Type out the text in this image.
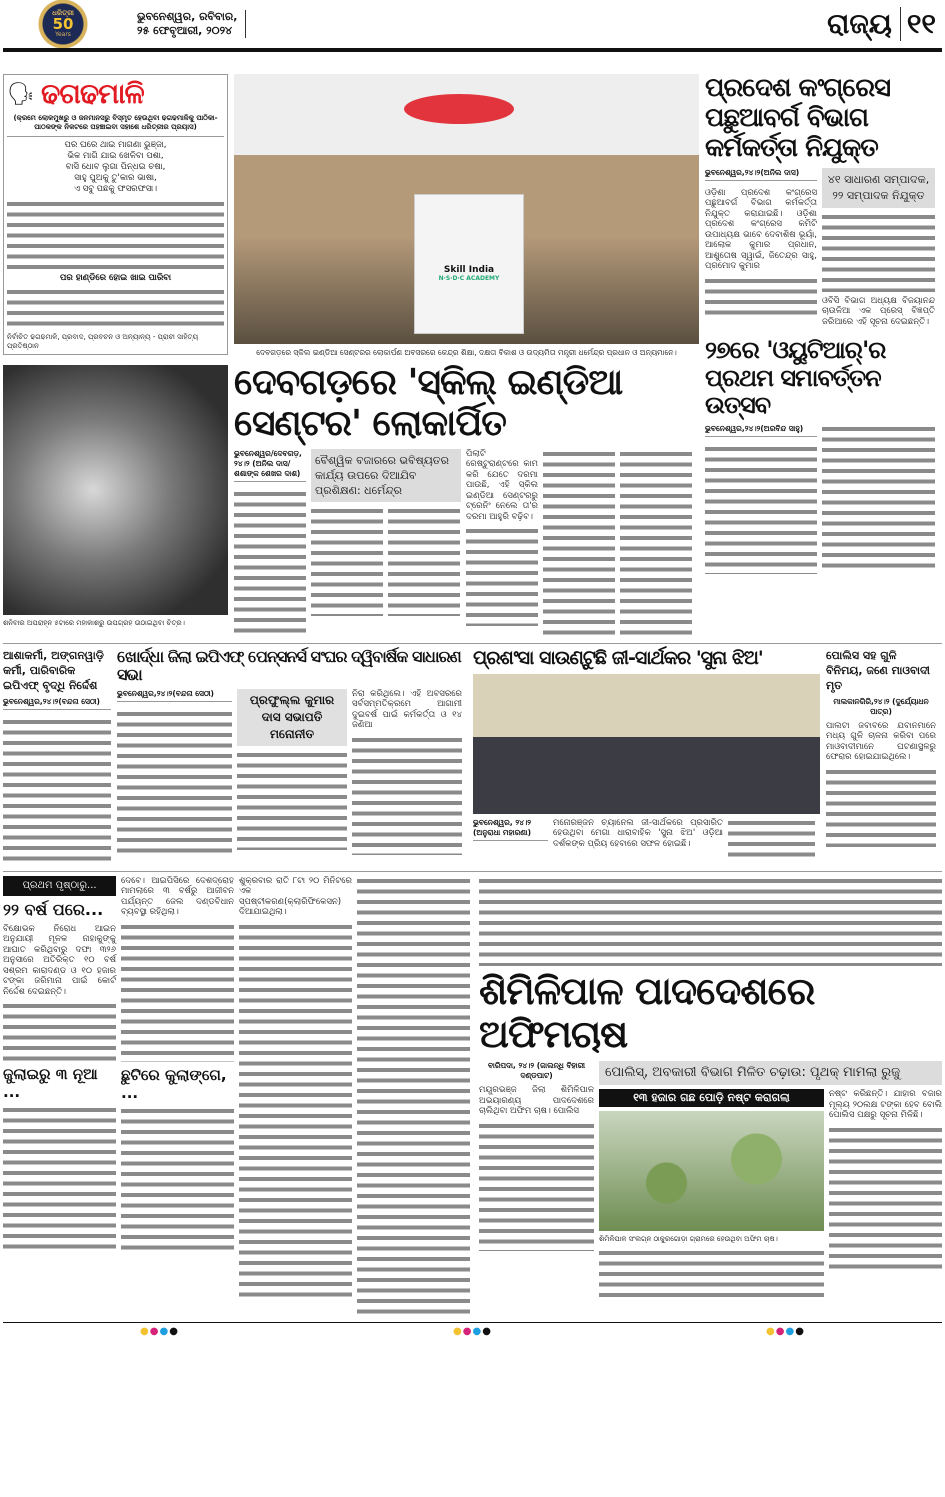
ଧରିତ୍ରୀ
50
Years
ଭୁବନେଶ୍ୱର, ରବିବାର,
୨୫ ଫେବୃଆରୀ, ୨୦୨୪	ରାଜ୍ୟ ୧୧
🗣 ଢଗଢମାଳି
(କ୍ରମେ ଲୋକମୁଖରୁ ଓ ଜନମାନସରୁ ବିସ୍ମୃତ ହେଉଥିବା ଢଗଢମାଳିକୁ ପାଠିକା-ପାଠକଙ୍କ ନିକଟରେ ପହଞ୍ଚାଇବା ସହାଶେ ଧରିତ୍ରୀର ପ୍ରୟାସ)
ପର ଘରେ ଥାଇ ମାଗଣା ଭୁଞ୍ଜା,
ଭିକ ମାଗି ଯାଇ ଖେଳିବା ପଶା,
ବାସି ଧୋବ ଲୁଗା ପିନ୍ଧଇ ଚଷା,
ସାହୁ ପୁଅକୁ ତୁ'କାର ଭାଷା,
ଏ ସବୁ ପଛକୁ ଫସରଫସା।
ପର ହାଣ୍ଡିରେ ହୋଇ ଖାଇ ପାରିବା
ନିର୍ବାଚିତ ଢଗଢମାଳି, ପ୍ରବାଦ, ପ୍ରବଚନ ଓ ଅନ୍ୟାନ୍ୟ - ପ୍ରାଚୀ ସାହିତ୍ୟ ପ୍ରତିଷ୍ଠାନ
ଶନିବାର ଅପରାହ୍ନ ୫ଟାରେ ମହାକାଶରୁ ଉପଗ୍ରହ ଉଠାଇଥିବା ଚିତ୍ର।
Skill India
N·S·D·C ACADEMY
ଦେବଗଡ଼ରେ ସ୍କିଲ ଇଣ୍ଡିଆ ସେଣ୍ଟରର ଲୋକାର୍ପଣ ଅବସରରେ କେନ୍ଦ୍ର ଶିକ୍ଷା, ଦକ୍ଷତା ବିକାଶ ଓ ଉଦ୍ୟମିତା ମନ୍ତ୍ରୀ ଧର୍ମେନ୍ଦ୍ର ପ୍ରଧାନ ଓ ଅନ୍ୟମାନେ।
ଦେବଗଡ଼ରେ 'ସ୍କିଲ୍ ଇଣ୍ଡିଆ ସେଣ୍ଟର' ଲୋକାର୍ପିତ
ଭୁବନେଶ୍ୱର/ଦେବଗଡ଼, ୨୪।୨ (ଅନିଲ ଦାସ/ ଶଶାଙ୍କ ଶେଖର ଦାଶ)
ବୈଶ୍ୱିକ ବଜାରରେ ଭବିଷ୍ୟତର କାର୍ଯ୍ୟ ଉପରେ ଦିଆଯିବ ପ୍ରଶିକ୍ଷଣ: ଧର୍ମେନ୍ଦ୍ର
ପିଲାଟି ରେଷ୍ଟୁରାଣ୍ଟରେ କାମ କରି ଯେତେ ଦରମା ପାଉଛି, ଏହି ସ୍କିଲ ଇଣ୍ଡିଆ ସେଣ୍ଟରରୁ ଟ୍ରେନିଂ ନେଲେ ତା'ର ଦରମା ଆହୁରି ବଢ଼ିବ।
ପ୍ରଦେଶ କଂଗ୍ରେସ ପଛୁଆବର୍ଗ ବିଭାଗ କର୍ମକର୍ତ୍ତା ନିଯୁକ୍ତ
ଭୁବନେଶ୍ୱର,୨୪।୨(ଅନିଲ ଦାସ)
ଓଡ଼ିଶା ପ୍ରଦେଶ କଂଗ୍ରେସ ପଛୁଆବର୍ଗ ବିଭାଗ କର୍ମକର୍ତ୍ତା ନିଯୁକ୍ତ କରାଯାଇଛି। ଓଡ଼ିଶା ପ୍ରଦେଶ କଂଗ୍ରେସ କମିଟି ଉପାଧ୍ୟକ୍ଷ ଭାବେ ଦେବାଶିଷ ଭୂୟାଁ, ଆଲୋକ କୁମାର ପ୍ରଧାନ, ଆଶୁତୋଷ ସ୍ୱାଇଁ, ଜିତେନ୍ଦ୍ର ସାହୁ, ପ୍ରମୋଦ କୁମାର
୪୧ ସାଧାରଣ ସମ୍ପାଦକ, ୨୨ ସମ୍ପାଦକ ନିଯୁକ୍ତ
ଓବିସି ବିଭାଗ ଅଧ୍ୟକ୍ଷ ବିଜୟାନନ୍ଦ ଚାଉଳିଆ ଏକ ପ୍ରେସ୍ ବିଜ୍ଞପ୍ତି ଜରିଆରେ ଏହି ସୂଚନା ଦେଇଛନ୍ତି।
୨୭ରେ 'ଓୟୁଟିଆର୍'ର ପ୍ରଥମ ସମାବର୍ତ୍ତନ ଉତ୍ସବ
ଭୁବନେଶ୍ୱର,୨୪।୨(ଅରବିନ୍ଦ ସାହୁ)
ଆଶାକର୍ମୀ, ଅଙ୍ଗନୱାଡ଼ି କର୍ମୀ, ପାରିବାରିକ ଇପିଏଫ୍ ବୃଦ୍ଧି ନିର୍ଦ୍ଦେଶ
ଭୁବନେଶ୍ୱର,୨୪।୨(ବନ୍ଦନା ସେଠୀ)
ଖୋର୍ଦ୍ଧା ଜିଲା ଇପିଏଫ୍ ପେନ୍‌ସନର୍ସ ସଂଘର ଦ୍ୱିବାର୍ଷିକ ସାଧାରଣ ସଭା
ଭୁବନେଶ୍ୱର,୨୪।୨(ବନ୍ଦନା ସେଠୀ)	ପ୍ରଫୁଲ୍ଲ କୁମାର ଦାସ ସଭାପତି ମନୋନୀତ
ନିରା କରିଥିଲେ। ଏହି ଅବସରରେ ସର୍ବସମ୍ମତିକ୍ରମେ ଆଗାମୀ ଦୁଇବର୍ଷ ପାଇଁ କର୍ମକର୍ତ୍ତା ଓ ୧୪ ଜଣିଆ
ପ୍ରଶଂସା ସାଉଣ୍ଟୁଛି ଜୀ-ସାର୍ଥକର 'ସୁନା ଝିଅ'
ଭୁବନେଶ୍ୱର, ୨୪।୨ (ଅନୁରାଧା ମହାରଣା)
ମନୋରଞ୍ଜନ ଚ୍ୟାନେଲ ଜୀ-ସାର୍ଥକରେ ପ୍ରସାରିତ ହେଉଥିବା ମେଗା ଧାରାବାହିକ 'ସୁନା ଝିଅ' ଓଡ଼ିଆ ଦର୍ଶକଙ୍କ ପ୍ରିୟ ହେବାରେ ସଫଳ ହୋଇଛି।
ପୋଲିସ ସହ ଗୁଳି ବିନିମୟ, ଜଣେ ମାଓବାଦୀ ମୃତ
ମାଲକାନଗିରି,୨୪।୨ (ଦୁର୍ଯ୍ୟୋଧନ ପାତ୍ର)
ପାଲଟା ଜବାବରେ ଯବାନମାନେ ମଧ୍ୟ ଗୁଳି ଚାଳନା କରିବା ପରେ ମାଓବାଦୀମାନେ ଘଟଣାସ୍ଥଳରୁ ଫେରାର ହୋଇଯାଇଥିଲେ।
ପ୍ରଥମ ପୃଷ୍ଠାରୁ...
୨୨ ବର୍ଷ ପରେ...
ବିକ୍ଷୋଭକ ନିରୋଧ ଆଇନ ଅନୁଯାୟୀ ମୂଳକ ନାହାକୁଙ୍କୁ ଆଘାତ କରିଥିବାରୁ ଦଫା ୩୨୬ ଅନୁସାରେ ଅତିରିକ୍ତ ୧୦ ବର୍ଷ ସଶ୍ରମ କାରାଦଣ୍ଡ ଓ ୧୦ ହଜାର ଟଙ୍କା ଜରିମାନା ପାଇଁ କୋର୍ଟ ନିର୍ଦ୍ଦେଶ ଦେଇଛନ୍ତି।
ଜୁଲାଇରୁ ୩ ନୂଆ ...
ଦେବେ। ଆଇପିସିରେ ଦେଶଦ୍ରୋହ ମାମଲାରେ ୩ ବର୍ଷରୁ ଆଜୀବନ ପର୍ଯ୍ୟନ୍ତ ଜେଲ ଦଣ୍ଡବିଧାନ ବ୍ୟବସ୍ଥା ରହିଥିଲା।
ଛୁଟିରେ କୁଲାଙ୍ଗେ, ...
ଶୁକ୍ରବାର ରାତି ୮ଟା ୨୦ ମିନିଟରେ ଏକ ସ୍ପଷ୍ଟୀକରଣ(କ୍ଲାରିଫିକେସନ) ଦିଆଯାଇଥିଲା।
ଶିମିଳିପାଳ ପାଦଦେଶରେ ଅଫିମଚାଷ
ବାରିପଦା, ୨୪।୨ (ଜାଲନ୍ଧି ବିହାରୀ ଦଣ୍ଡପାଟ)
ମୟୂରଭଞ୍ଜ ଜିଲା ଶିମିଳିପାଳ ଅଭୟାରଣ୍ୟ ପାଦଦେଶରେ ଚାଲିଥିବା ଅଫିମ ଚାଷ। ପୋଲିସ
ପୋଲିସ୍, ଅବକାରୀ ବିଭାଗ ମିଳିତ ଚଢ଼ାଉ: ପୃଥକ୍ ମାମଲା ରୁଜୁ
୧୩ ହଜାର ଗଛ ପୋଡ଼ି ନଷ୍ଟ କରାଗଲା
ଶିମିଳିପାଳ ସଂଲଗ୍ନ ଠାକୁରଗୋଡ଼ା ଗ୍ରାମରେ ହେଉଥିବା ଅଫିମ ଚାଷ।
ନଷ୍ଟ କରିଛନ୍ତି। ଯାହାର ବଜାର ମୂଲ୍ୟ ୨୦ଲକ୍ଷ ଟଙ୍କା ହେବ ବୋଲି ପୋଲିସ ପକ୍ଷରୁ ସୂଚନା ମିଳିଛି।
●●●●	●●●●	●●●●
